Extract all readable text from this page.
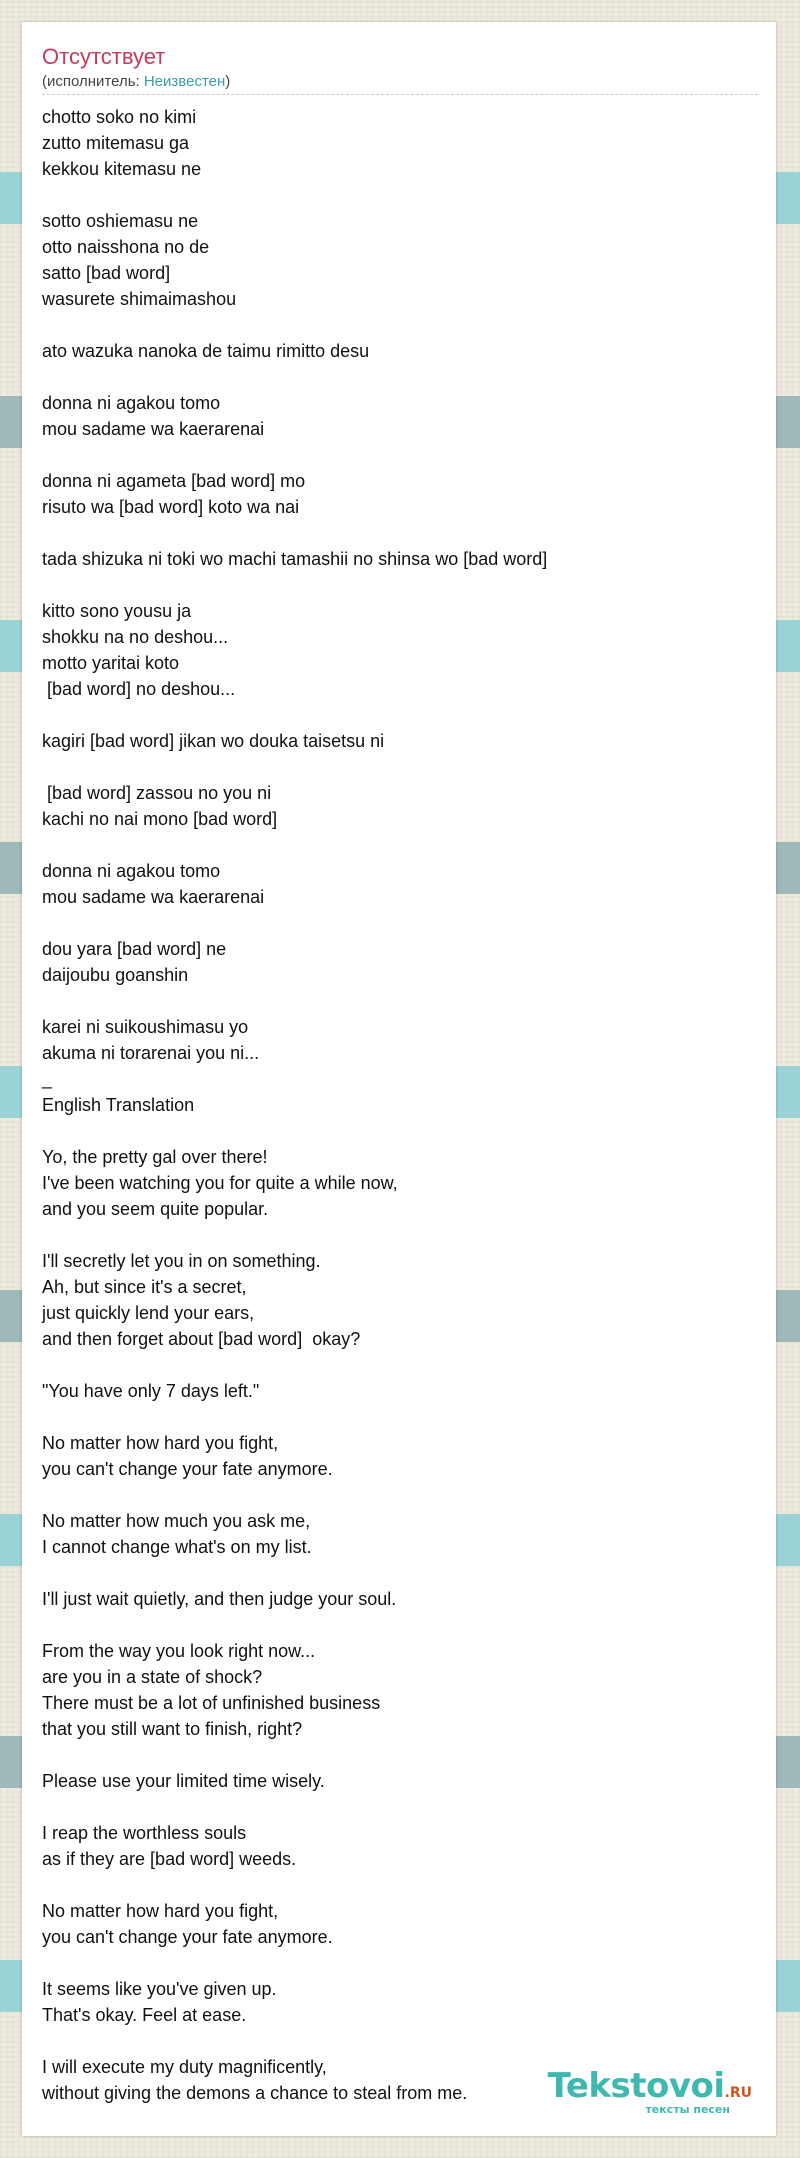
Отсутствует
(исполнитель: Неизвестен)
chotto soko no kimi
zutto mitemasu ga
kekkou kitemasu ne
sotto oshiemasu ne
otto naisshona no de
satto [bad word]
wasurete shimaimashou
ato wazuka nanoka de taimu rimitto desu
donna ni agakou tomo
mou sadame wa kaerarenai
donna ni agameta [bad word] mo
risuto wa [bad word] koto wa nai
tada shizuka ni toki wo machi tamashii no shinsa wo [bad word]
kitto sono yousu ja
shokku na no deshou...
motto yaritai koto
[bad word] no deshou...
kagiri [bad word] jikan wo douka taisetsu ni
[bad word] zassou no you ni
kachi no nai mono [bad word]
donna ni agakou tomo
mou sadame wa kaerarenai
dou yara [bad word] ne
daijoubu goanshin
karei ni suikoushimasu yo
akuma ni torarenai you ni...
_
English Translation
Yo, the pretty gal over there!
I've been watching you for quite a while now,
and you seem quite popular.
I'll secretly let you in on something.
Ah, but since it's a secret,
just quickly lend your ears,
and then forget about [bad word]  okay?
"You have only 7 days left."
No matter how hard you fight,
you can't change your fate anymore.
No matter how much you ask me,
I cannot change what's on my list.
I'll just wait quietly, and then judge your soul.
From the way you look right now...
are you in a state of shock?
There must be a lot of unfinished business
that you still want to finish, right?
Please use your limited time wisely.
I reap the worthless souls
as if they are [bad word] weeds.
No matter how hard you fight,
you can't change your fate anymore.
It seems like you've given up.
That's okay. Feel at ease.
I will execute my duty magnificently,
without giving the demons a chance to steal from me.	Tekstovoi.RU
тексты песен
